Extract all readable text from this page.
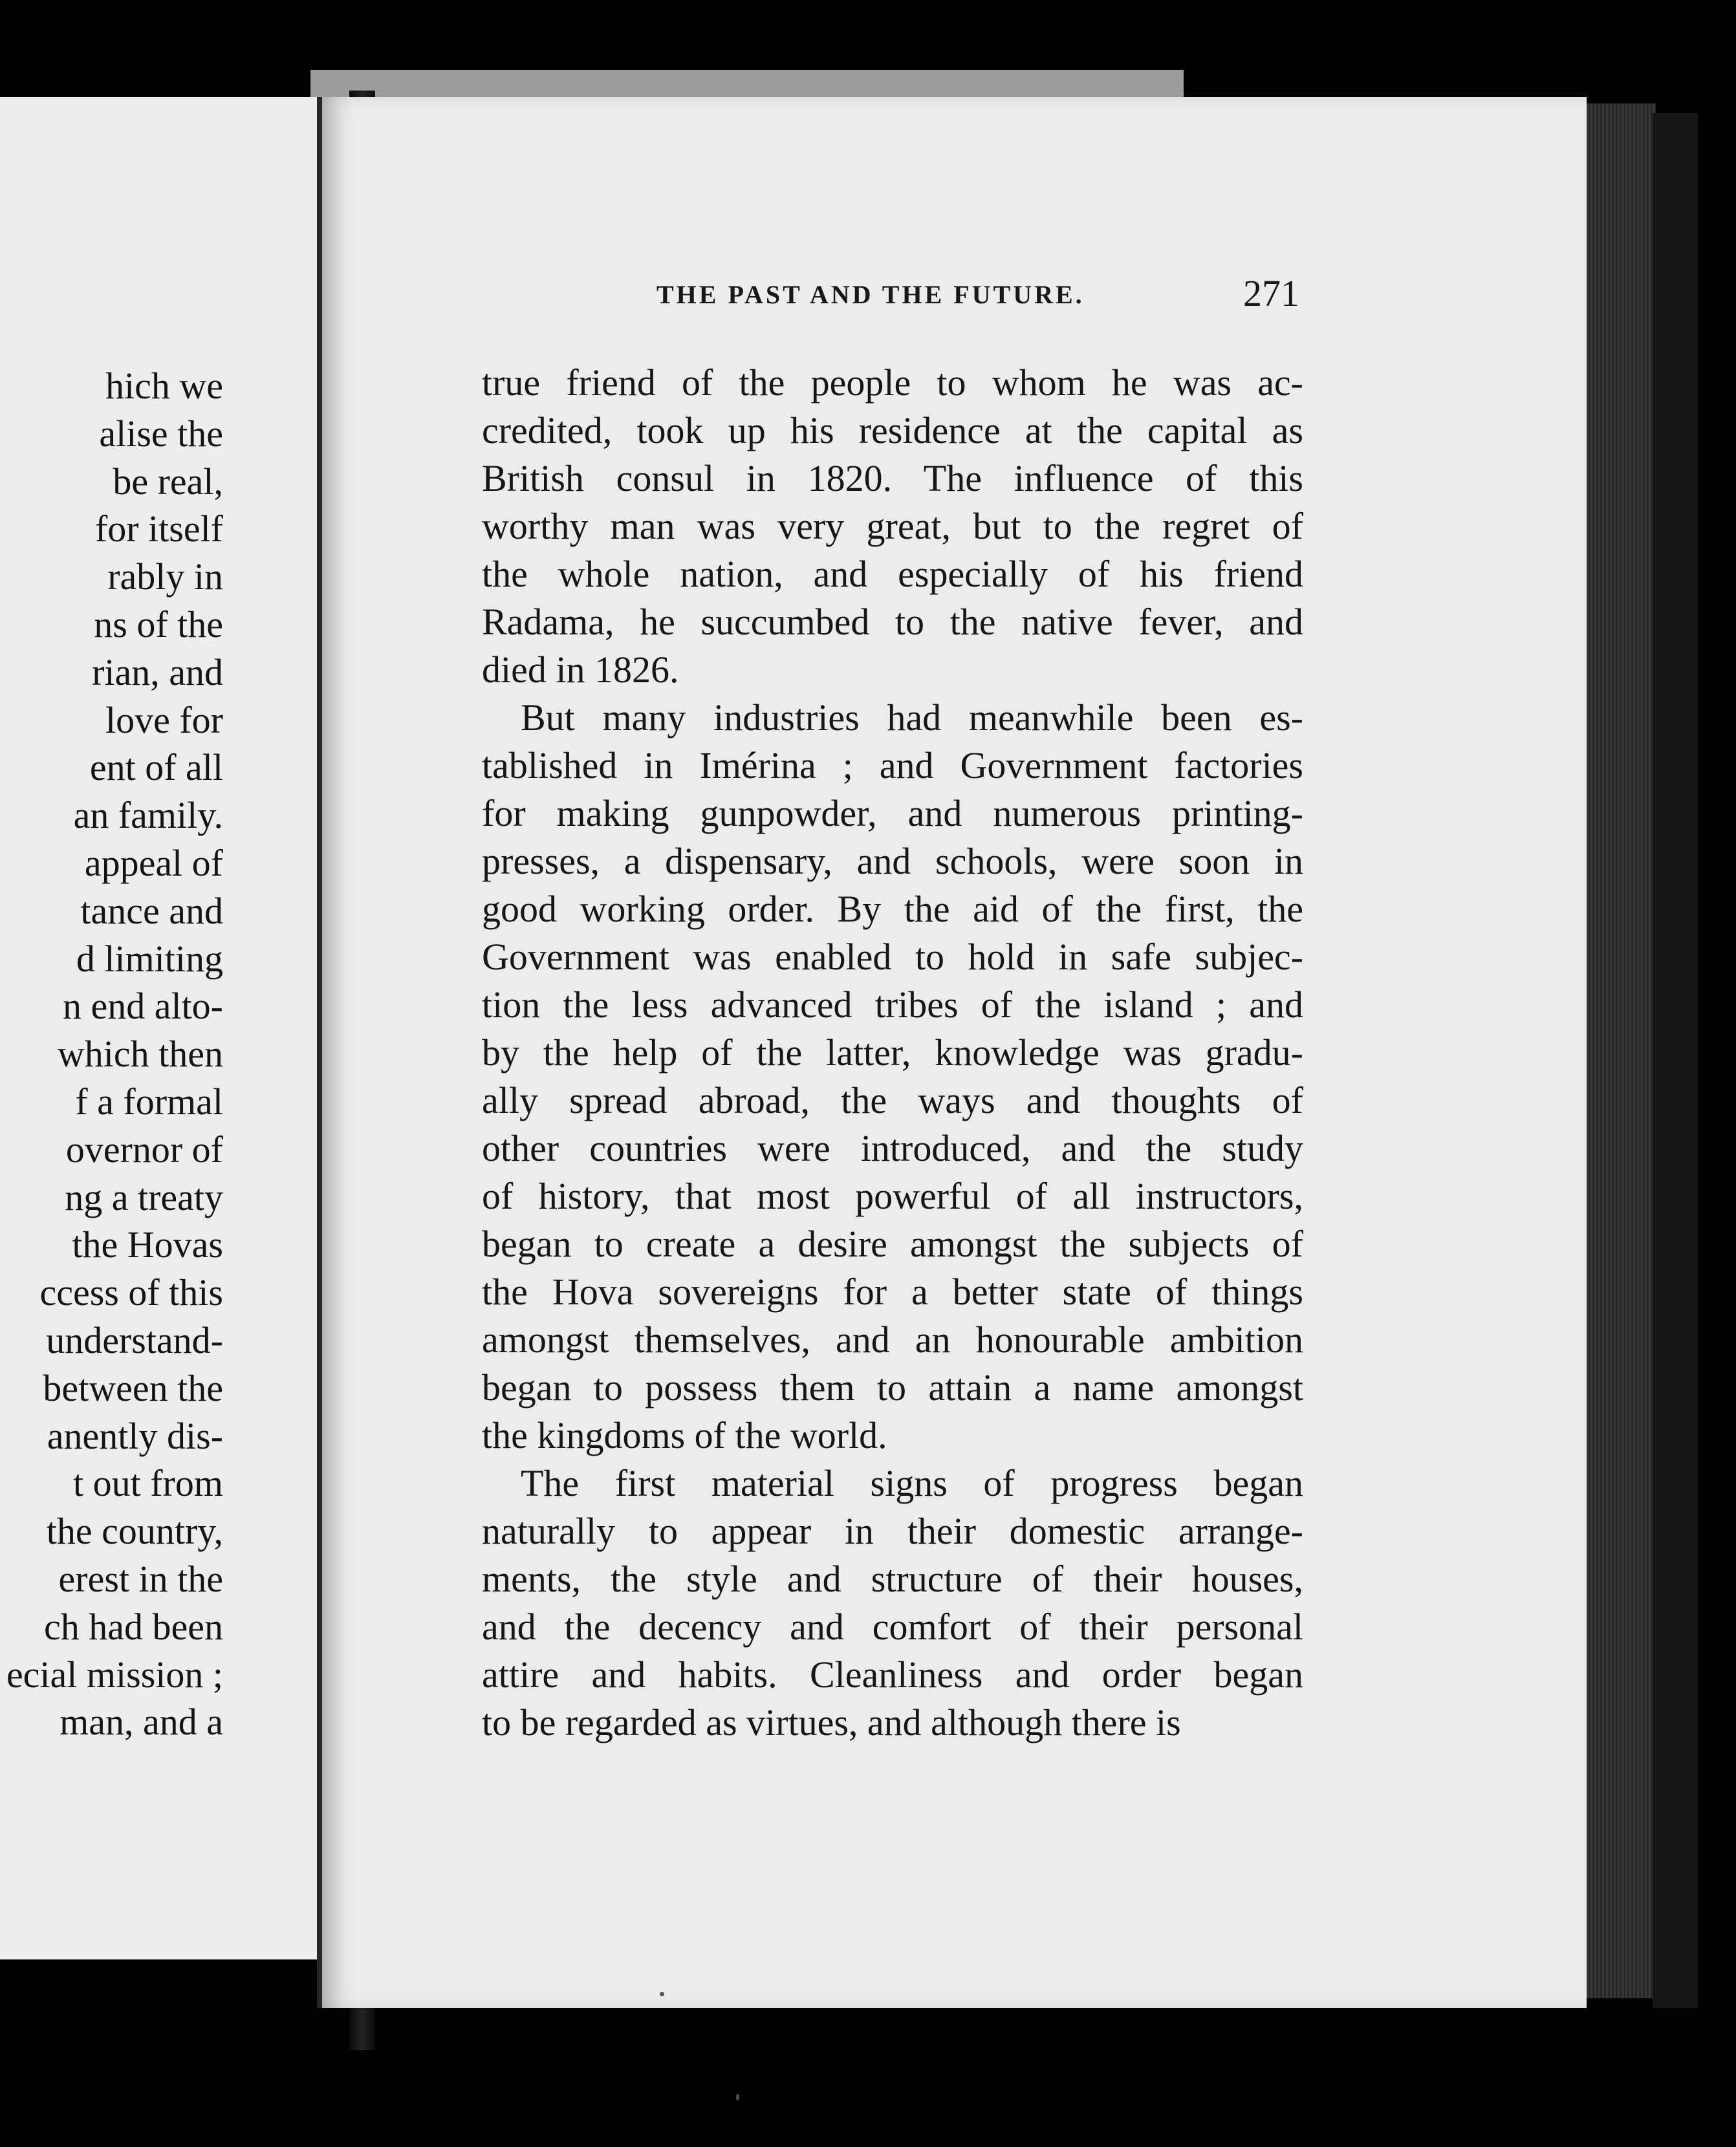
hich we
alise the
be real,
for itself
rably in
ns of the
rian, and
love for
ent of all
an family.
appeal of
tance and
d limiting
n end alto-
which then
f a formal
overnor of
ng a treaty
the Hovas
ccess of this
understand-
between the
anently dis-
t out from
the country,
erest in the
ch had been
ecial mission ;
man, and a
THE PAST AND THE FUTURE.	271
true friend of the people to whom he was ac-
credited, took up his residence at the capital as
British consul in 1820. The influence of this
worthy man was very great, but to the regret of
the whole nation, and especially of his friend
Radama, he succumbed to the native fever, and
died in 1826.
But many industries had meanwhile been es-
tablished in Imérina ; and Government factories
for making gunpowder, and numerous printing-
presses, a dispensary, and schools, were soon in
good working order. By the aid of the first, the
Government was enabled to hold in safe subjec-
tion the less advanced tribes of the island ; and
by the help of the latter, knowledge was gradu-
ally spread abroad, the ways and thoughts of
other countries were introduced, and the study
of history, that most powerful of all instructors,
began to create a desire amongst the subjects of
the Hova sovereigns for a better state of things
amongst themselves, and an honourable ambition
began to possess them to attain a name amongst
the kingdoms of the world.
The first material signs of progress began
naturally to appear in their domestic arrange-
ments, the style and structure of their houses,
and the decency and comfort of their personal
attire and habits. Cleanliness and order began
to be regarded as virtues, and although there is
